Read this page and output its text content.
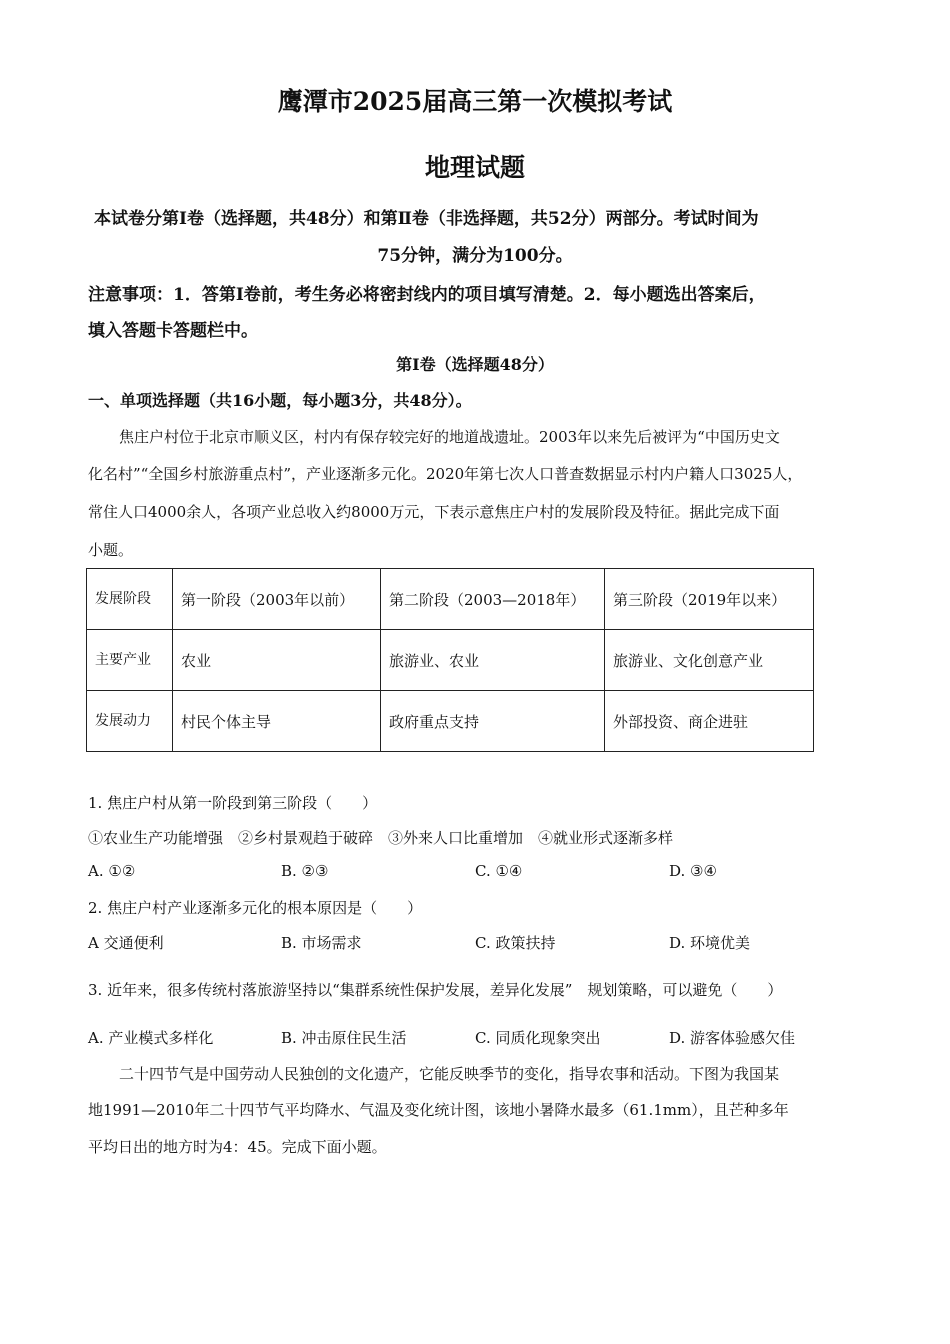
鹰潭市2025届高三第一次模拟考试
地理试题
本试卷分第Ⅰ卷（选择题，共48分）和第Ⅱ卷（非选择题，共52分）两部分。考试时间为
75分钟，满分为100分。
注意事项：1．答第Ⅰ卷前，考生务必将密封线内的项目填写清楚。2．每小题选出答案后，
填入答题卡答题栏中。
第Ⅰ卷（选择题48分）
一、单项选择题（共16小题，每小题3分，共48分）。
焦庄户村位于北京市顺义区，村内有保存较完好的地道战遗址。2003年以来先后被评为“中国历史文
化名村”“全国乡村旅游重点村”，产业逐渐多元化。2020年第七次人口普查数据显示村内户籍人口3025人，
常住人口4000余人，各项产业总收入约8000万元，下表示意焦庄户村的发展阶段及特征。据此完成下面
小题。
发展阶段	第一阶段（2003年以前）	第二阶段（2003—2018年）	第三阶段（2019年以来）
主要产业	农业	旅游业、农业	旅游业、文化创意产业
发展动力	村民个体主导	政府重点支持	外部投资、商企进驻
1. 焦庄户村从第一阶段到第三阶段（　　）
①农业生产功能增强　②乡村景观趋于破碎　③外来人口比重增加　④就业形式逐渐多样
A. ①②	B. ②③	C. ①④	D. ③④
2. 焦庄户村产业逐渐多元化的根本原因是（　　）
A 交通便利	B. 市场需求	C. 政策扶持	D. 环境优美
3. 近年来，很多传统村落旅游坚持以“集群系统性保护发展，差异化发展”　规划策略，可以避免（　　）
A. 产业模式多样化	B. 冲击原住民生活	C. 同质化现象突出	D. 游客体验感欠佳
二十四节气是中国劳动人民独创的文化遗产，它能反映季节的变化，指导农事和活动。下图为我国某
地1991—2010年二十四节气平均降水、气温及变化统计图，该地小暑降水最多（61.1mm），且芒种多年
平均日出的地方时为4：45。完成下面小题。
